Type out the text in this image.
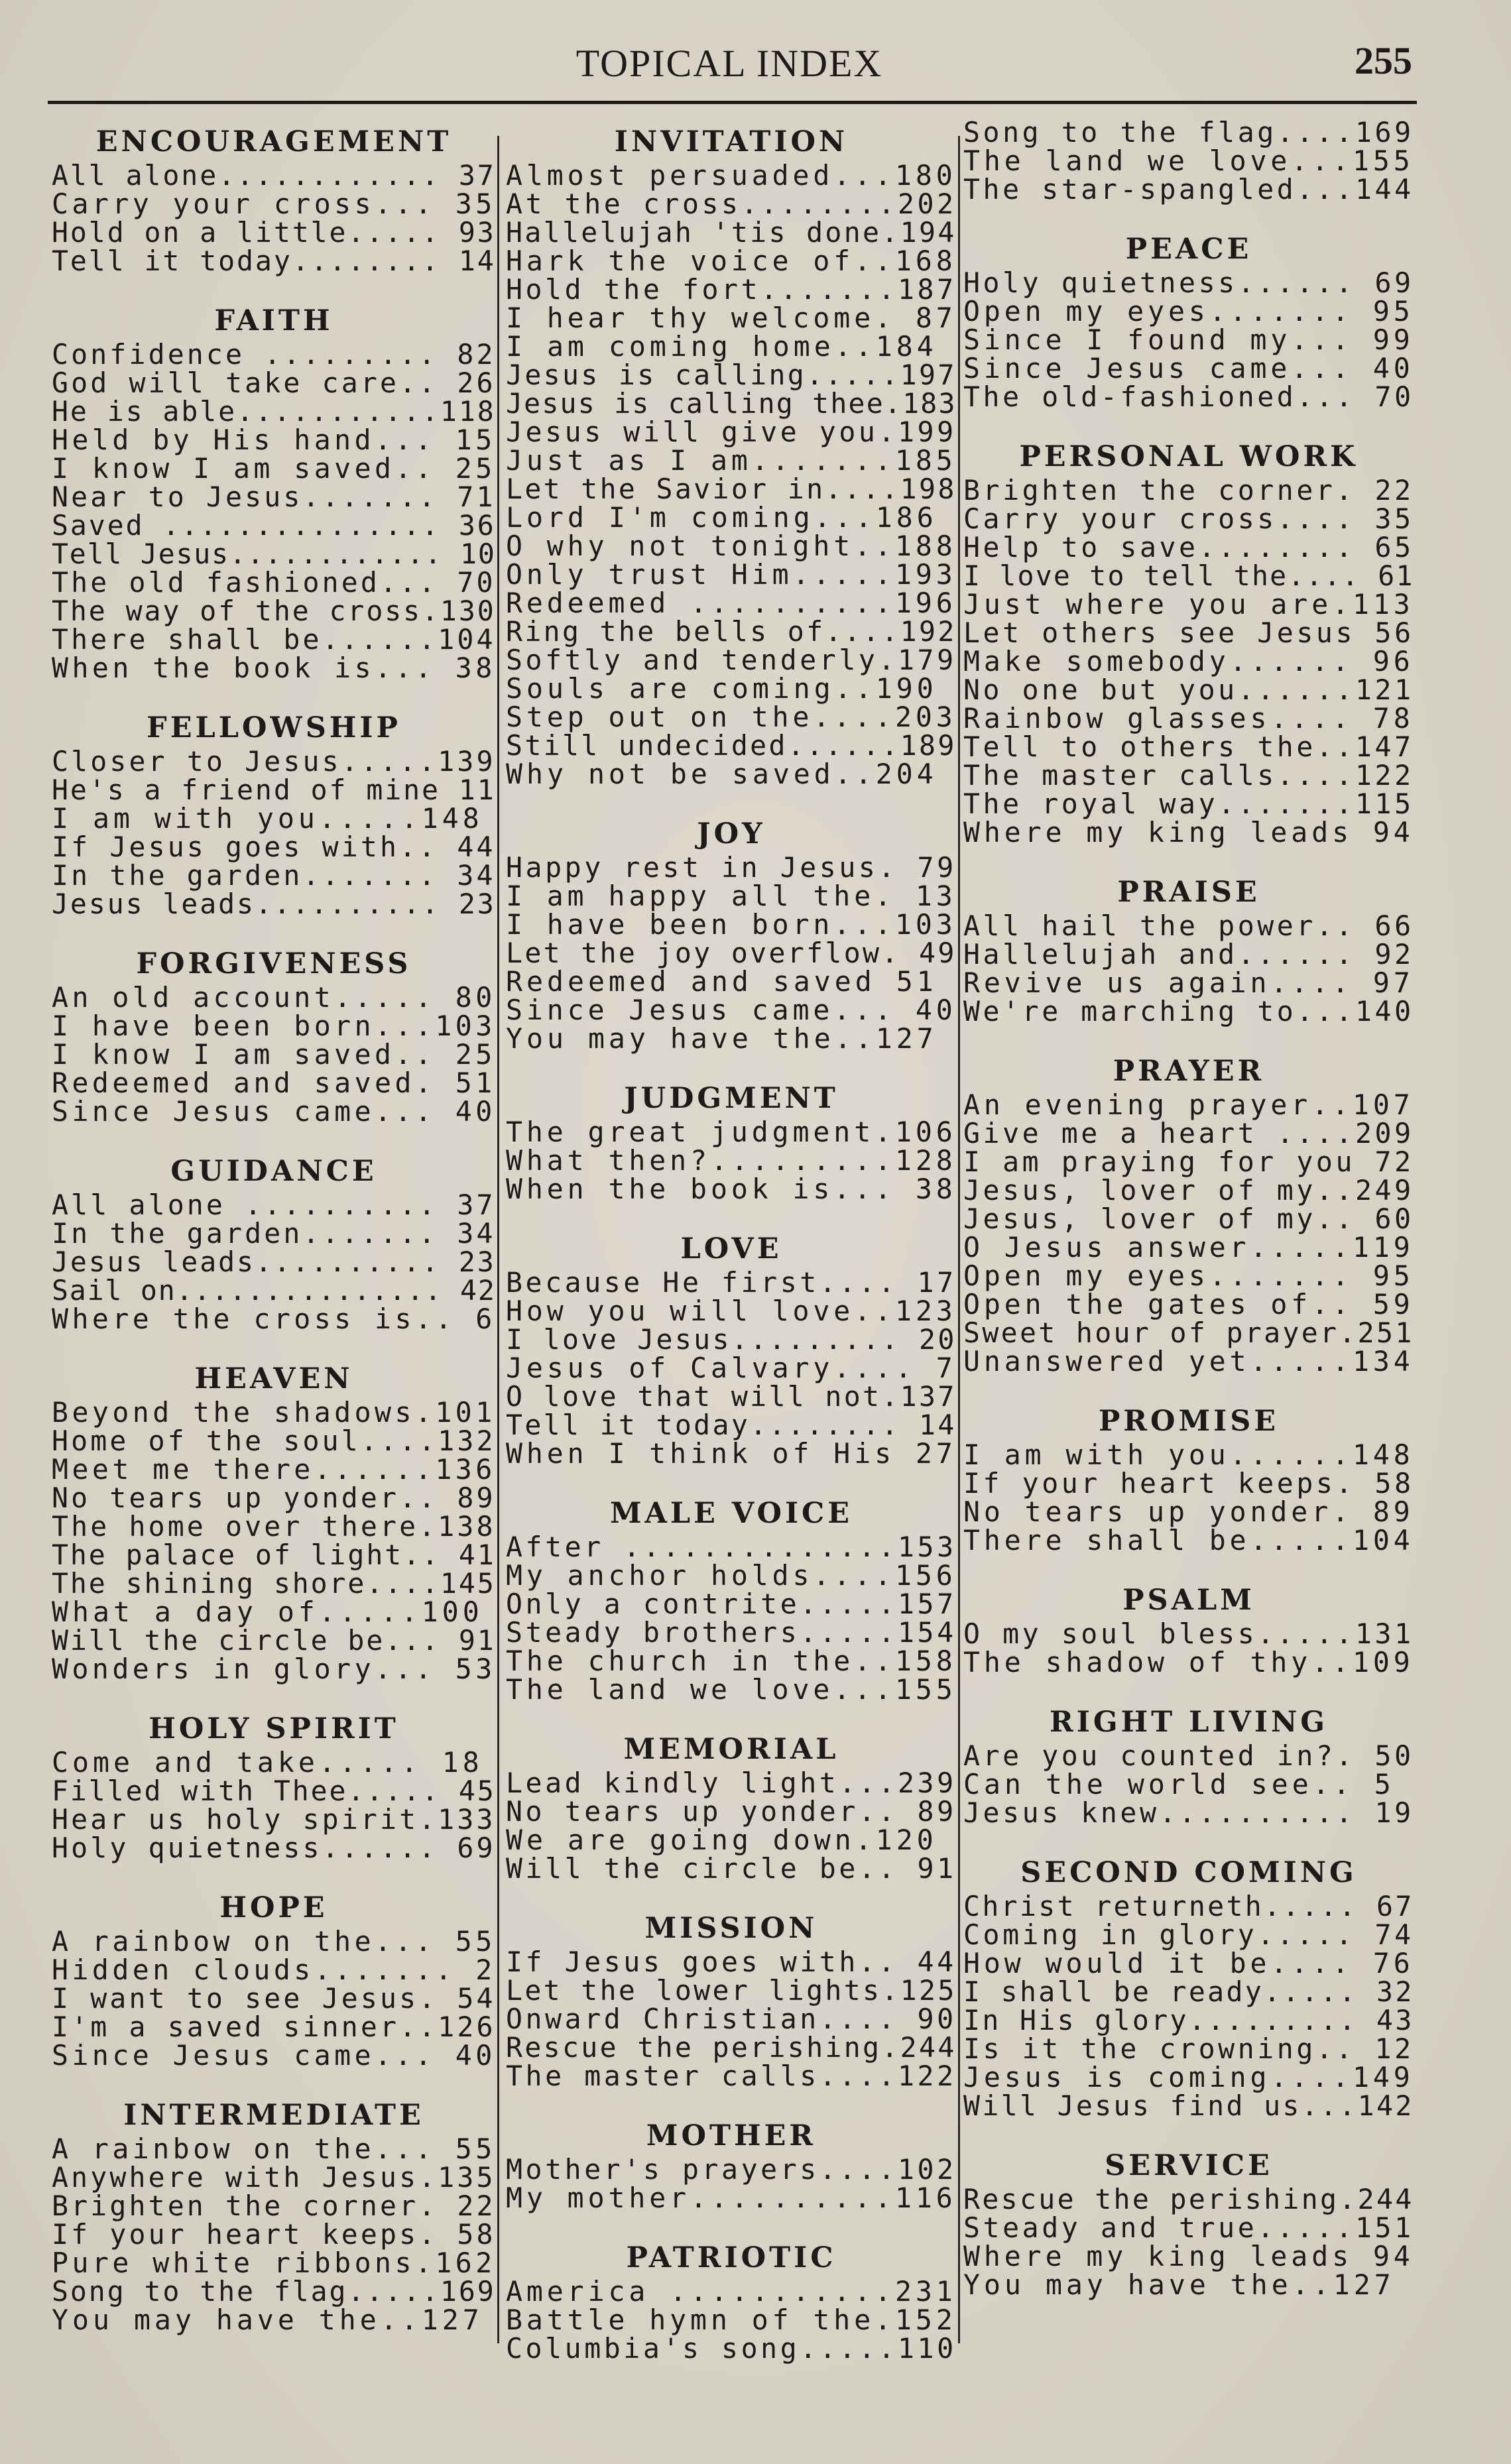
TOPICAL INDEX	255
ENCOURAGEMENT
All alone............ 37
Carry your cross... 35
Hold on a little..... 93
Tell it today........ 14
FAITH
Confidence ......... 82
God will take care.. 26
He is able...........118
Held by His hand... 15
I know I am saved.. 25
Near to Jesus....... 71
Saved ............... 36
Tell Jesus............ 10
The old fashioned... 70
The way of the cross.130
There shall be......104
When the book is... 38
FELLOWSHIP
Closer to Jesus.....139
He's a friend of mine 11
I am with you.....148
If Jesus goes with.. 44
In the garden....... 34
Jesus leads.......... 23
FORGIVENESS
An old account..... 80
I have been born...103
I know I am saved.. 25
Redeemed and saved. 51
Since Jesus came... 40
GUIDANCE
All alone .......... 37
In the garden....... 34
Jesus leads.......... 23
Sail on............... 42
Where the cross is.. 6
HEAVEN
Beyond the shadows.101
Home of the soul....132
Meet me there......136
No tears up yonder.. 89
The home over there.138
The palace of light.. 41
The shining shore....145
What a day of.....100
Will the circle be... 91
Wonders in glory... 53
HOLY SPIRIT
Come and take..... 18
Filled with Thee..... 45
Hear us holy spirit.133
Holy quietness...... 69
HOPE
A rainbow on the... 55
Hidden clouds....... 2
I want to see Jesus. 54
I'm a saved sinner..126
Since Jesus came... 40
INTERMEDIATE
A rainbow on the... 55
Anywhere with Jesus.135
Brighten the corner. 22
If your heart keeps. 58
Pure white ribbons.162
Song to the flag.....169
You may have the..127
INVITATION
Almost persuaded...180
At the cross........202
Hallelujah 'tis done.194
Hark the voice of..168
Hold the fort.......187
I hear thy welcome. 87
I am coming home..184
Jesus is calling.....197
Jesus is calling thee.183
Jesus will give you.199
Just as I am.......185
Let the Savior in....198
Lord I'm coming...186
O why not tonight..188
Only trust Him.....193
Redeemed ..........196
Ring the bells of....192
Softly and tenderly.179
Souls are coming..190
Step out on the....203
Still undecided......189
Why not be saved..204
JOY
Happy rest in Jesus. 79
I am happy all the. 13
I have been born...103
Let the joy overflow. 49
Redeemed and saved 51
Since Jesus came... 40
You may have the..127
JUDGMENT
The great judgment.106
What then?.........128
When the book is... 38
LOVE
Because He first.... 17
How you will love..123
I love Jesus......... 20
Jesus of Calvary.... 7
O love that will not.137
Tell it today........ 14
When I think of His 27
MALE VOICE
After ..............153
My anchor holds....156
Only a contrite.....157
Steady brothers.....154
The church in the..158
The land we love...155
MEMORIAL
Lead kindly light...239
No tears up yonder.. 89
We are going down.120
Will the circle be.. 91
MISSION
If Jesus goes with.. 44
Let the lower lights.125
Onward Christian.... 90
Rescue the perishing.244
The master calls....122
MOTHER
Mother's prayers....102
My mother..........116
PATRIOTIC
America ...........231
Battle hymn of the.152
Columbia's song.....110
Song to the flag....169
The land we love...155
The star-spangled...144
PEACE
Holy quietness...... 69
Open my eyes....... 95
Since I found my... 99
Since Jesus came... 40
The old-fashioned... 70
PERSONAL WORK
Brighten the corner. 22
Carry your cross.... 35
Help to save........ 65
I love to tell the.... 61
Just where you are.113
Let others see Jesus 56
Make somebody...... 96
No one but you......121
Rainbow glasses.... 78
Tell to others the..147
The master calls....122
The royal way.......115
Where my king leads 94
PRAISE
All hail the power.. 66
Hallelujah and...... 92
Revive us again.... 97
We're marching to...140
PRAYER
An evening prayer..107
Give me a heart ....209
I am praying for you 72
Jesus, lover of my..249
Jesus, lover of my.. 60
O Jesus answer.....119
Open my eyes....... 95
Open the gates of.. 59
Sweet hour of prayer.251
Unanswered yet.....134
PROMISE
I am with you......148
If your heart keeps. 58
No tears up yonder. 89
There shall be.....104
PSALM
O my soul bless.....131
The shadow of thy..109
RIGHT LIVING
Are you counted in?. 50
Can the world see.. 5
Jesus knew.......... 19
SECOND COMING
Christ returneth..... 67
Coming in glory..... 74
How would it be.... 76
I shall be ready..... 32
In His glory......... 43
Is it the crowning.. 12
Jesus is coming....149
Will Jesus find us...142
SERVICE
Rescue the perishing.244
Steady and true.....151
Where my king leads 94
You may have the..127
